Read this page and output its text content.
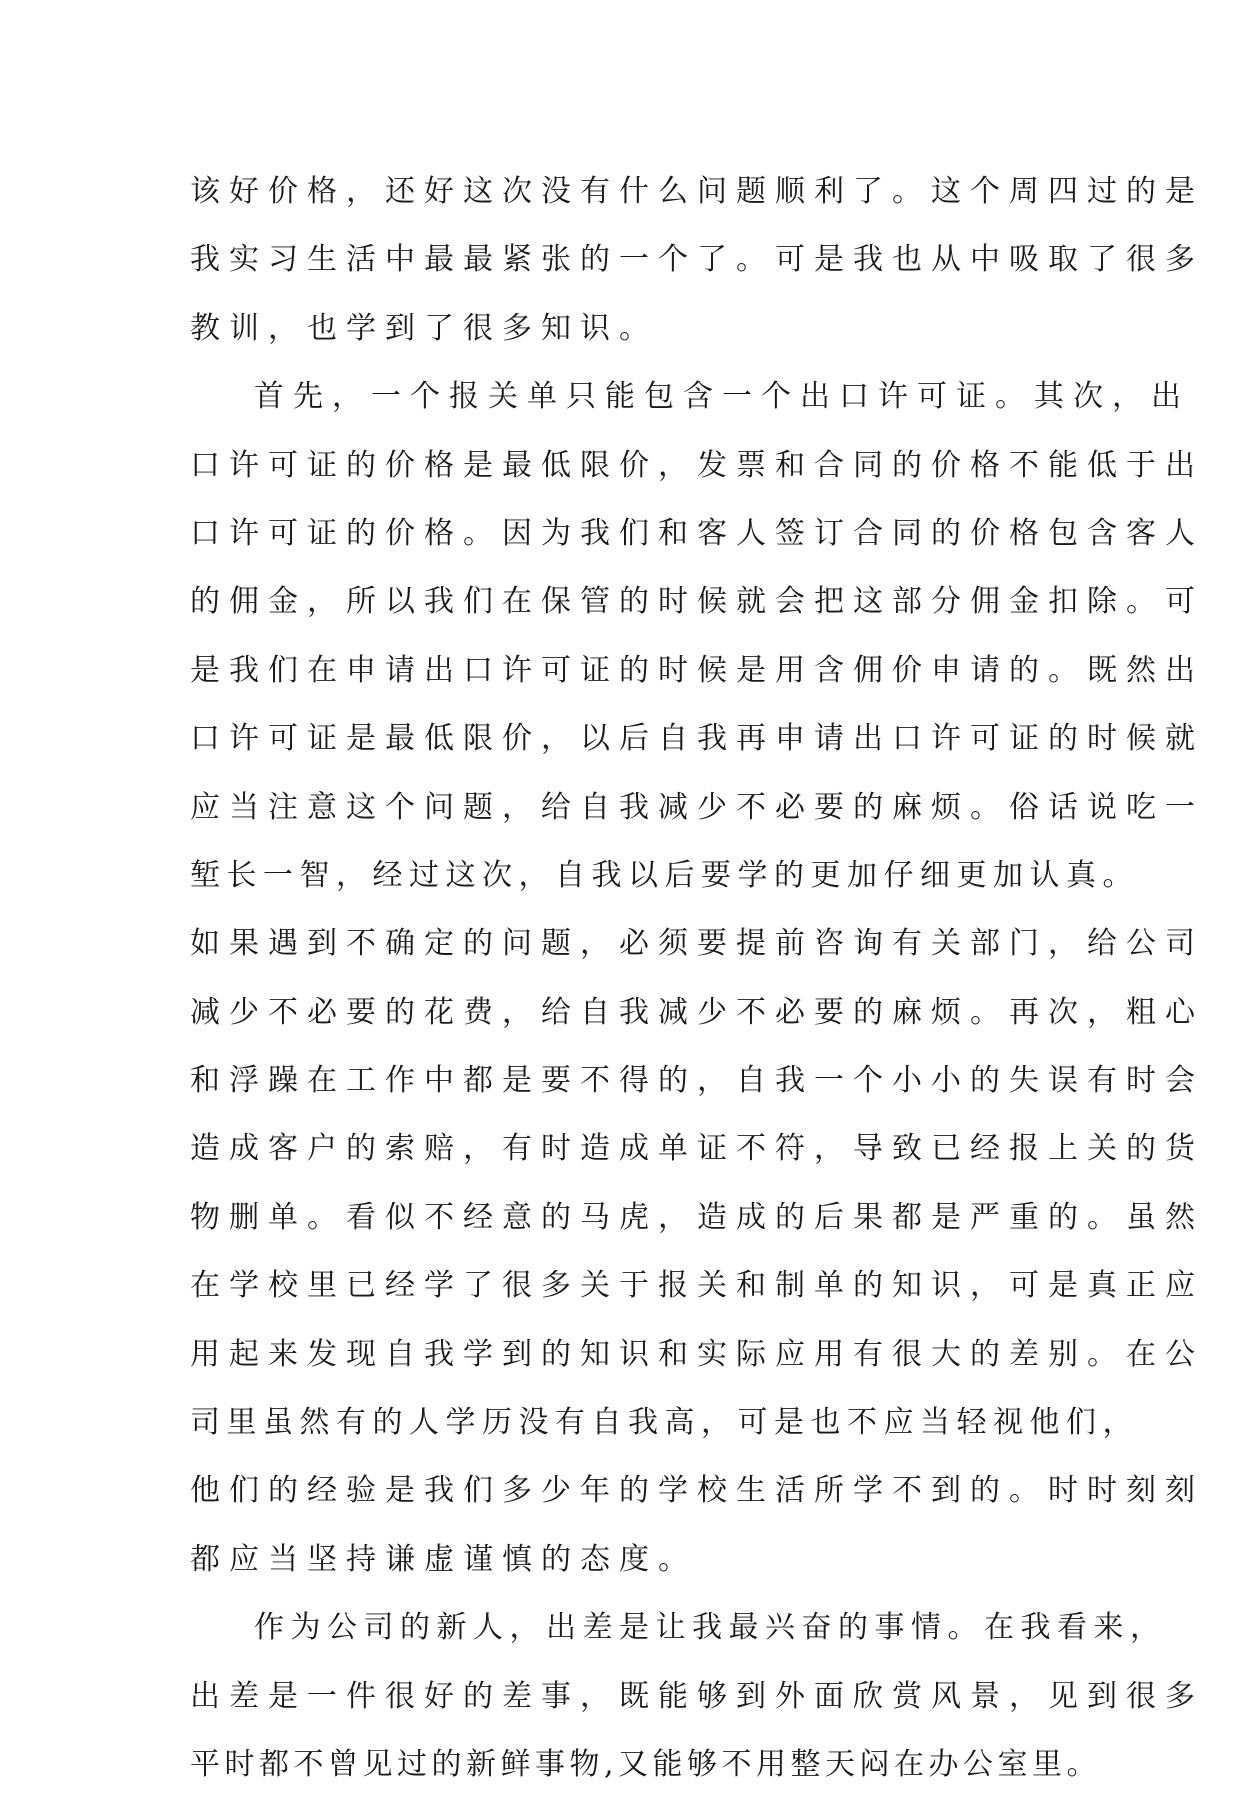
该好价格，还好这次没有什么问题顺利了。这个周四过的是
我实习生活中最最紧张的一个了。可是我也从中吸取了很多
教训，也学到了很多知识。
首先，一个报关单只能包含一个出口许可证。其次，出
口许可证的价格是最低限价，发票和合同的价格不能低于出
口许可证的价格。因为我们和客人签订合同的价格包含客人
的佣金，所以我们在保管的时候就会把这部分佣金扣除。可
是我们在申请出口许可证的时候是用含佣价申请的。既然出
口许可证是最低限价，以后自我再申请出口许可证的时候就
应当注意这个问题，给自我减少不必要的麻烦。俗话说吃一
堑长一智，经过这次，自我以后要学的更加仔细更加认真。
如果遇到不确定的问题，必须要提前咨询有关部门，给公司
减少不必要的花费，给自我减少不必要的麻烦。再次，粗心
和浮躁在工作中都是要不得的，自我一个小小的失误有时会
造成客户的索赔，有时造成单证不符，导致已经报上关的货
物删单。看似不经意的马虎，造成的后果都是严重的。虽然
在学校里已经学了很多关于报关和制单的知识，可是真正应
用起来发现自我学到的知识和实际应用有很大的差别。在公
司里虽然有的人学历没有自我高，可是也不应当轻视他们，
他们的经验是我们多少年的学校生活所学不到的。时时刻刻
都应当坚持谦虚谨慎的态度。
作为公司的新人，出差是让我最兴奋的事情。在我看来，
出差是一件很好的差事，既能够到外面欣赏风景，见到很多
平时都不曾见过的新鲜事物,又能够不用整天闷在办公室里。
